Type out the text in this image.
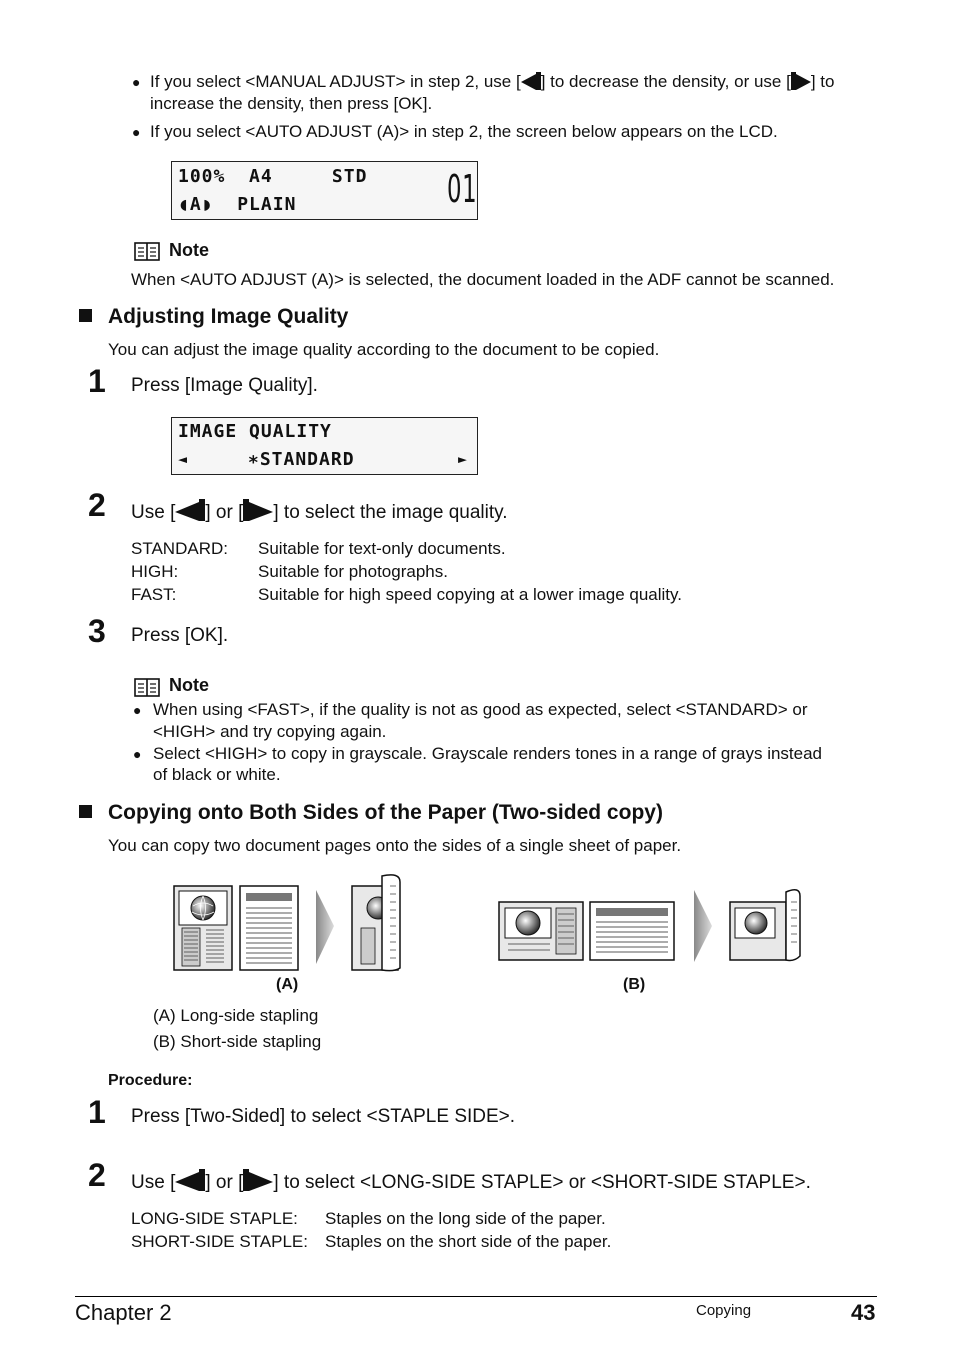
● If you select <MANUAL ADJUST> in step 2, use [ ] to decrease the density, or use [ ] to
increase the density, then press [OK].
● If you select <AUTO ADJUST (A)> in step 2, the screen below appears on the LCD.
100% A4	STD 01
◖A◗ PLAIN
Note
When <AUTO ADJUST (A)> is selected, the document loaded in the ADF cannot be scanned.
Adjusting Image Quality
You can adjust the image quality according to the document to be copied.
1 Press [Image Quality].
IMAGE QUALITY
◄	∗STANDARD	►
2 Use [ ] or [ ] to select the image quality.
STANDARD: Suitable for text-only documents.
HIGH:	Suitable for photographs.
FAST:	Suitable for high speed copying at a lower image quality.
3 Press [OK].
Note
● When using <FAST>, if the quality is not as good as expected, select <STANDARD> or
<HIGH> and try copying again.
● Select <HIGH> to copy in grayscale. Grayscale renders tones in a range of grays instead
of black or white.
Copying onto Both Sides of the Paper (Two-sided copy)
You can copy two document pages onto the sides of a single sheet of paper.
(A)	(B)
(A) Long-side stapling
(B) Short-side stapling
Procedure:
1 Press [Two-Sided] to select <STAPLE SIDE>.
2 Use [ ] or [ ] to select <LONG-SIDE STAPLE> or <SHORT-SIDE STAPLE>.
LONG-SIDE STAPLE: Staples on the long side of the paper.
SHORT-SIDE STAPLE: Staples on the short side of the paper.
Chapter 2	Copying	43
